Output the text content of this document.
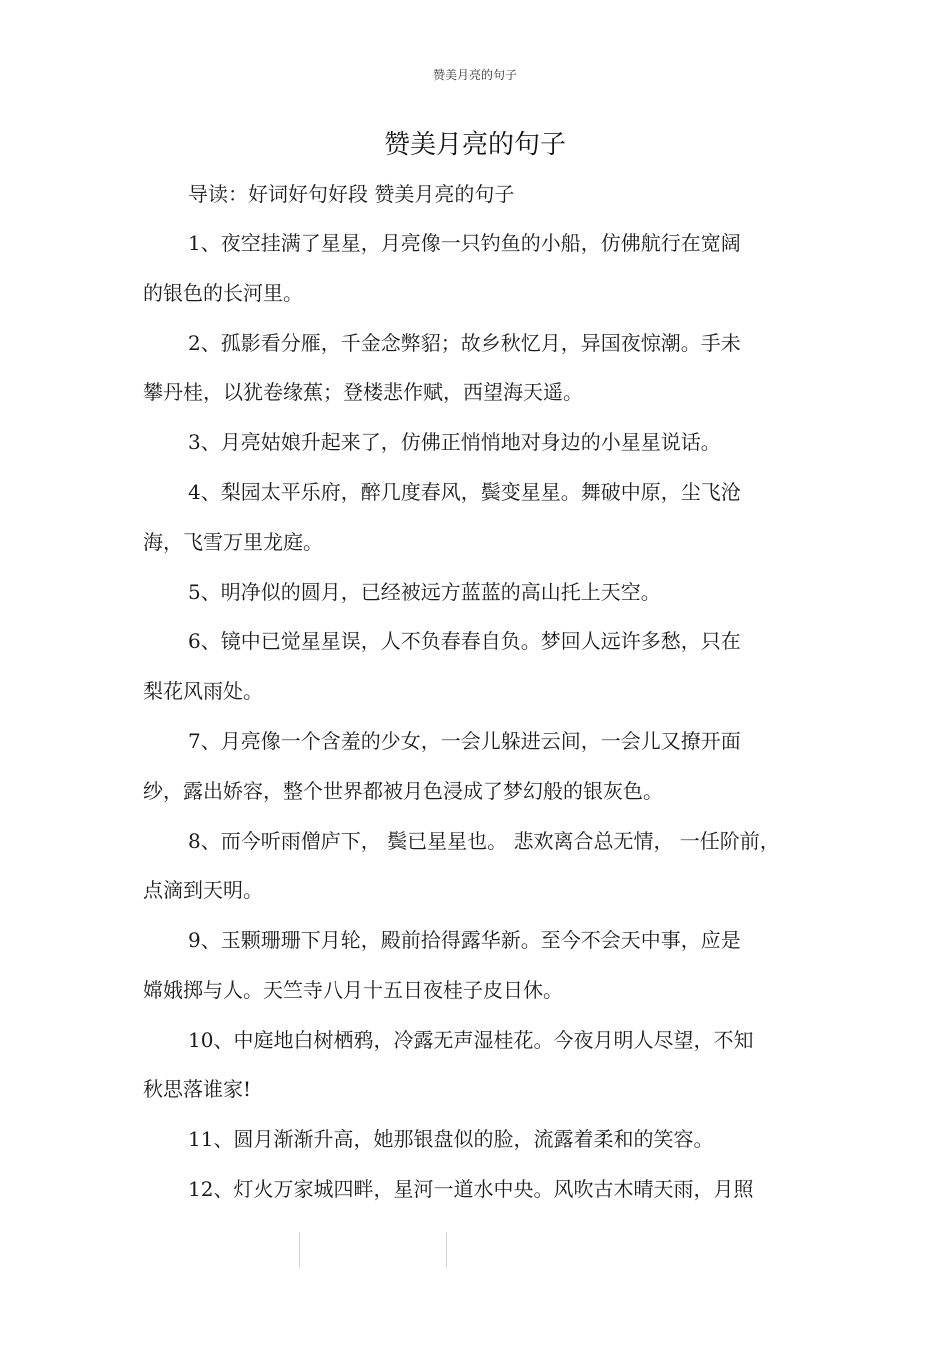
赞美月亮的句子
赞美月亮的句子
导读：好词好句好段 赞美月亮的句子
1、夜空挂满了星星，月亮像一只钓鱼的小船，仿佛航行在宽阔
的银色的长河里。
2、孤影看分雁，千金念弊貂；故乡秋忆月，异国夜惊潮。手未
攀丹桂，以犹卷缘蕉；登楼悲作赋，西望海天遥。
3、月亮姑娘升起来了，仿佛正悄悄地对身边的小星星说话。
4、梨园太平乐府，醉几度春风，鬓变星星。舞破中原，尘飞沧
海，飞雪万里龙庭。
5、明净似的圆月，已经被远方蓝蓝的高山托上天空。
6、镜中已觉星星误，人不负春春自负。梦回人远许多愁，只在
梨花风雨处。
7、月亮像一个含羞的少女，一会儿躲进云间，一会儿又撩开面
纱，露出娇容，整个世界都被月色浸成了梦幻般的银灰色。
8、而今听雨僧庐下， 鬓已星星也。 悲欢离合总无情， 一任阶前，
点滴到天明。
9、玉颗珊珊下月轮，殿前拾得露华新。至今不会天中事，应是
嫦娥掷与人。天竺寺八月十五日夜桂子皮日休。
10、中庭地白树栖鸦，冷露无声湿桂花。今夜月明人尽望，不知
秋思落谁家!
11、圆月渐渐升高，她那银盘似的脸，流露着柔和的笑容。
12、灯火万家城四畔，星河一道水中央。风吹古木晴天雨，月照
